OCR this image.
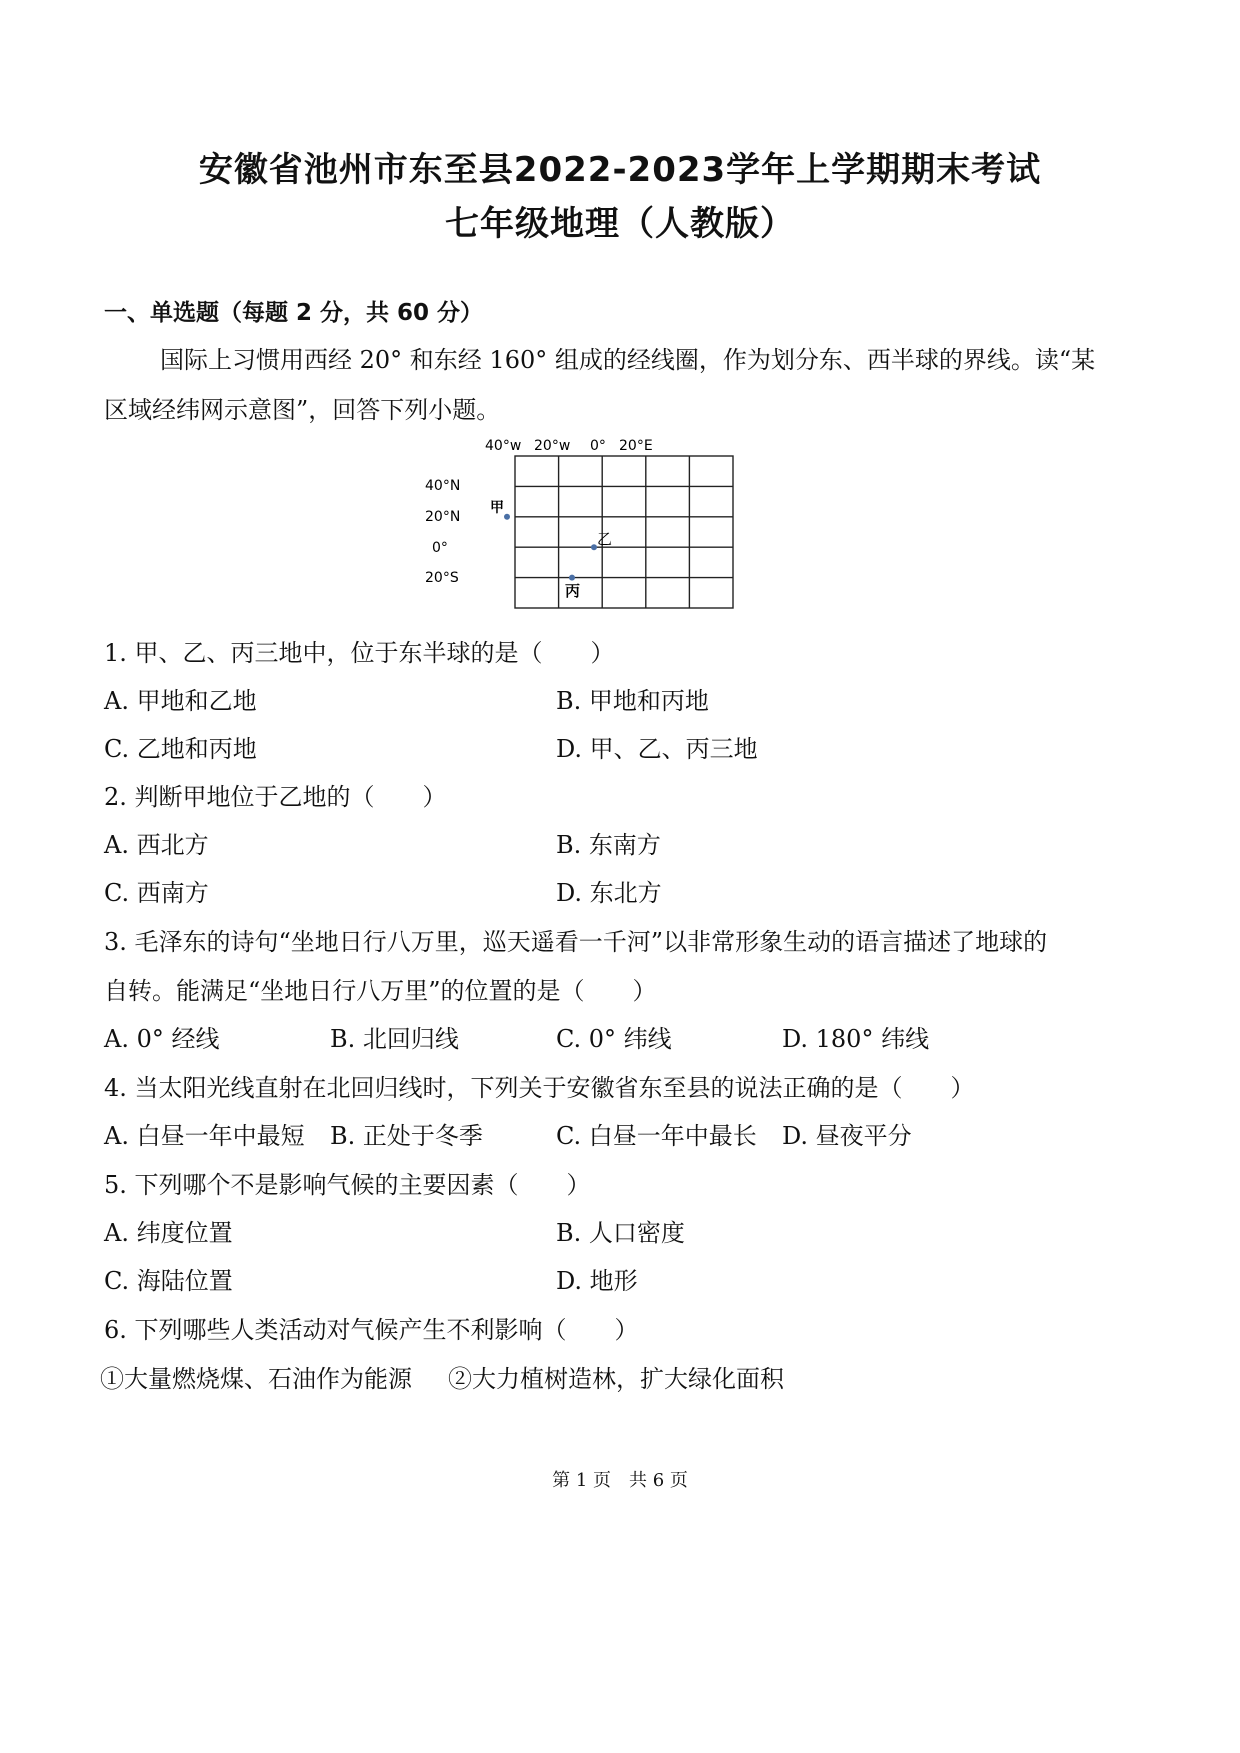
安徽省池州市东至县2022-2023学年上学期期末考试
七年级地理（人教版）
一、单选题（每题 2 分，共 60 分）
国际上习惯用西经 20° 和东经 160° 组成的经线圈，作为划分东、西半球的界线。读“某
区域经纬网示意图”，回答下列小题。
40°w 20°w 0° 20°E
40°N
20°N
0°
20°S
甲
乙
丙
1. 甲、乙、丙三地中，位于东半球的是（　　）
A. 甲地和乙地	B. 甲地和丙地
C. 乙地和丙地	D. 甲、乙、丙三地
2. 判断甲地位于乙地的（　　）
A. 西北方	B. 东南方
C. 西南方	D. 东北方
3. 毛泽东的诗句“坐地日行八万里，巡天遥看一千河”以非常形象生动的语言描述了地球的
自转。能满足“坐地日行八万里”的位置的是（　　）
A. 0° 经线	B. 北回归线	C. 0° 纬线	D. 180° 纬线
4. 当太阳光线直射在北回归线时，下列关于安徽省东至县的说法正确的是（　　）
A. 白昼一年中最短 B. 正处于冬季	C. 白昼一年中最长 D. 昼夜平分
5. 下列哪个不是影响气候的主要因素（　　）
A. 纬度位置	B. 人口密度
C. 海陆位置	D. 地形
6. 下列哪些人类活动对气候产生不利影响（　　）
①大量燃烧煤、石油作为能源 ②大力植树造林，扩大绿化面积
第 1 页　共 6 页
